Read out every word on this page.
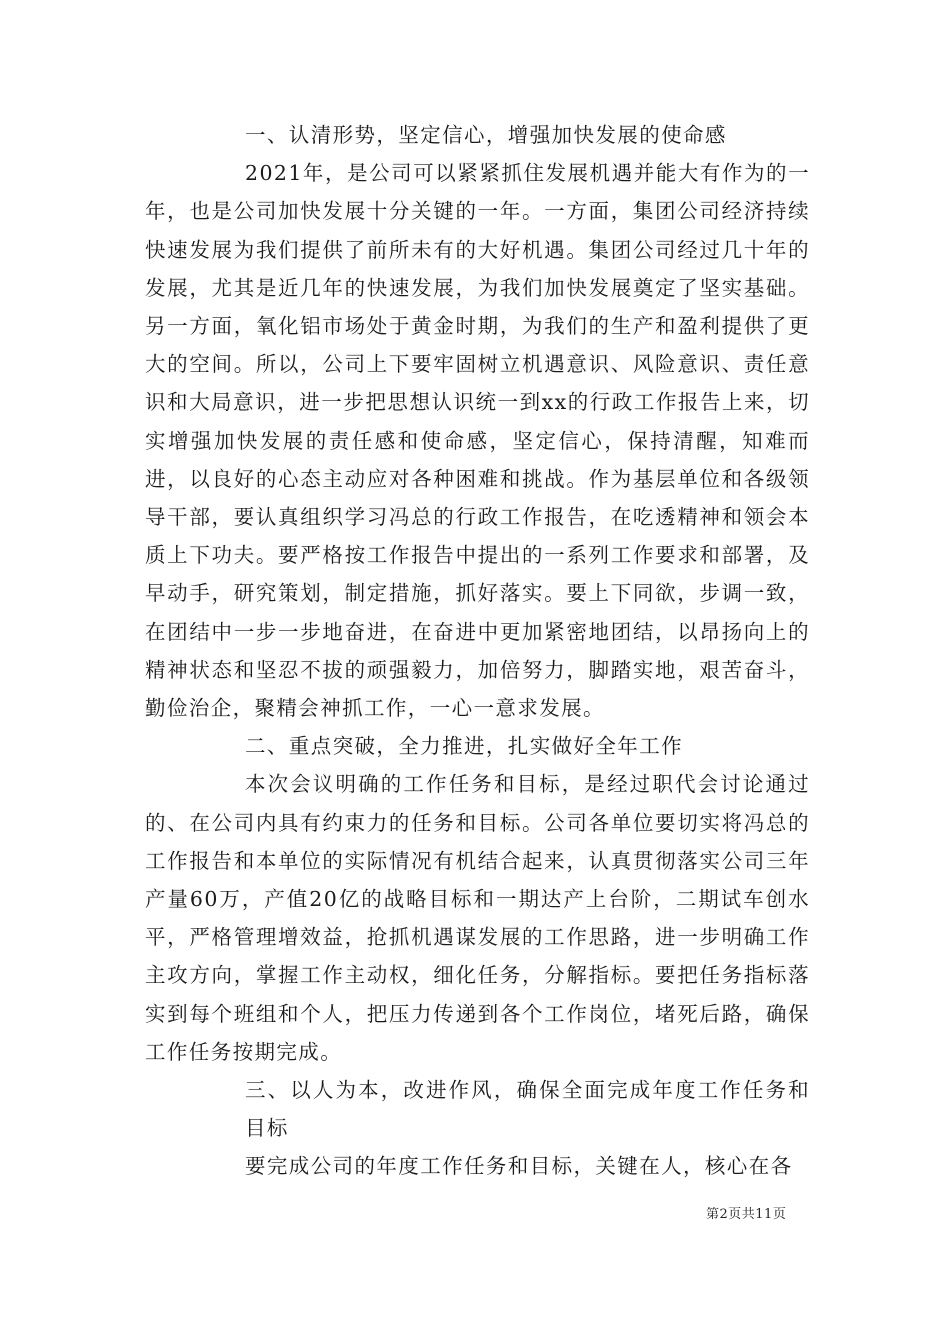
一、认清形势，坚定信心，增强加快发展的使命感

2021年，是公司可以紧紧抓住发展机遇并能大有作为的一年，也是公司加快发展十分关键的一年。一方面，集团公司经济持续快速发展为我们提供了前所未有的大好机遇。集团公司经过几十年的发展，尤其是近几年的快速发展，为我们加快发展奠定了坚实基础。另一方面，氧化铝市场处于黄金时期，为我们的生产和盈利提供了更大的空间。所以，公司上下要牢固树立机遇意识、风险意识、责任意识和大局意识，进一步把思想认识统一到xx的行政工作报告上来，切实增强加快发展的责任感和使命感，坚定信心，保持清醒，知难而进，以良好的心态主动应对各种困难和挑战。作为基层单位和各级领导干部，要认真组织学习冯总的行政工作报告，在吃透精神和领会本质上下功夫。要严格按工作报告中提出的一系列工作要求和部署，及早动手，研究策划，制定措施，抓好落实。要上下同欲，步调一致，在团结中一步一步地奋进，在奋进中更加紧密地团结，以昂扬向上的精神状态和坚忍不拔的顽强毅力，加倍努力，脚踏实地，艰苦奋斗，勤俭治企，聚精会神抓工作，一心一意求发展。

二、重点突破，全力推进，扎实做好全年工作

本次会议明确的工作任务和目标，是经过职代会讨论通过的、在公司内具有约束力的任务和目标。公司各单位要切实将冯总的工作报告和本单位的实际情况有机结合起来，认真贯彻落实公司三年产量60万，产值20亿的战略目标和一期达产上台阶，二期试车创水平，严格管理增效益，抢抓机遇谋发展的工作思路，进一步明确工作主攻方向，掌握工作主动权，细化任务，分解指标。要把任务指标落实到每个班组和个人，把压力传递到各个工作岗位，堵死后路，确保工作任务按期完成。

三、以人为本，改进作风，确保全面完成年度工作任务和目标

要完成公司的年度工作任务和目标，关键在人，核心在各

第2页共11页
